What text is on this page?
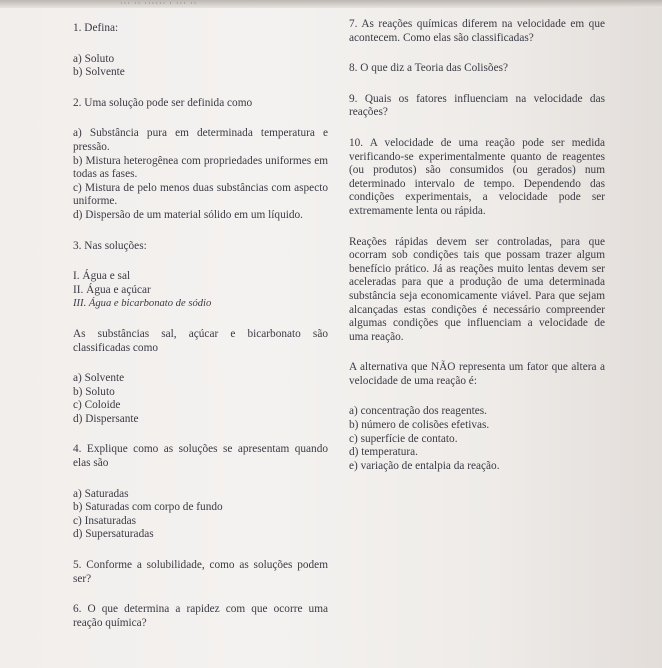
··· ·· ······ · ··· ··

1. Defina:

a) Soluto
b) Solvente

2. Uma solução pode ser definida como

a) Substância pura em determinada temperatura e pressão.

b) Mistura heterogênea com propriedades uniformes em todas as fases.

c) Mistura de pelo menos duas substâncias com aspecto uniforme.

d) Dispersão de um material sólido em um líquido.

3. Nas soluções:

I. Água e sal
II. Água e açúcar
III. Água e bicarbonato de sódio

As substâncias sal, açúcar e bicarbonato são classificadas como

a) Solvente
b) Soluto
c) Coloide
d) Dispersante

4. Explique como as soluções se apresentam quando elas são

a) Saturadas
b) Saturadas com corpo de fundo
c) Insaturadas
d) Supersaturadas

5. Conforme a solubilidade, como as soluções podem ser?

6. O que determina a rapidez com que ocorre uma reação química?

7. As reações químicas diferem na velocidade em que acontecem. Como elas são classificadas?

8. O que diz a Teoria das Colisões?

9. Quais os fatores influenciam na velocidade das reações?

10. A velocidade de uma reação pode ser medida verificando-se experimentalmente quanto de reagentes (ou produtos) são consumidos (ou gerados) num determinado intervalo de tempo. Dependendo das condições experimentais, a velocidade pode ser extremamente lenta ou rápida.

Reações rápidas devem ser controladas, para que ocorram sob condições tais que possam trazer algum benefício prático. Já as reações muito lentas devem ser aceleradas para que a produção de uma determinada substância seja economicamente viável. Para que sejam alcançadas estas condições é necessário compreender algumas condições que influenciam a velocidade de uma reação.

A alternativa que NÃO representa um fator que altera a velocidade de uma reação é:

a) concentração dos reagentes.
b) número de colisões efetivas.
c) superfície de contato.
d) temperatura.
e) variação de entalpia da reação.
